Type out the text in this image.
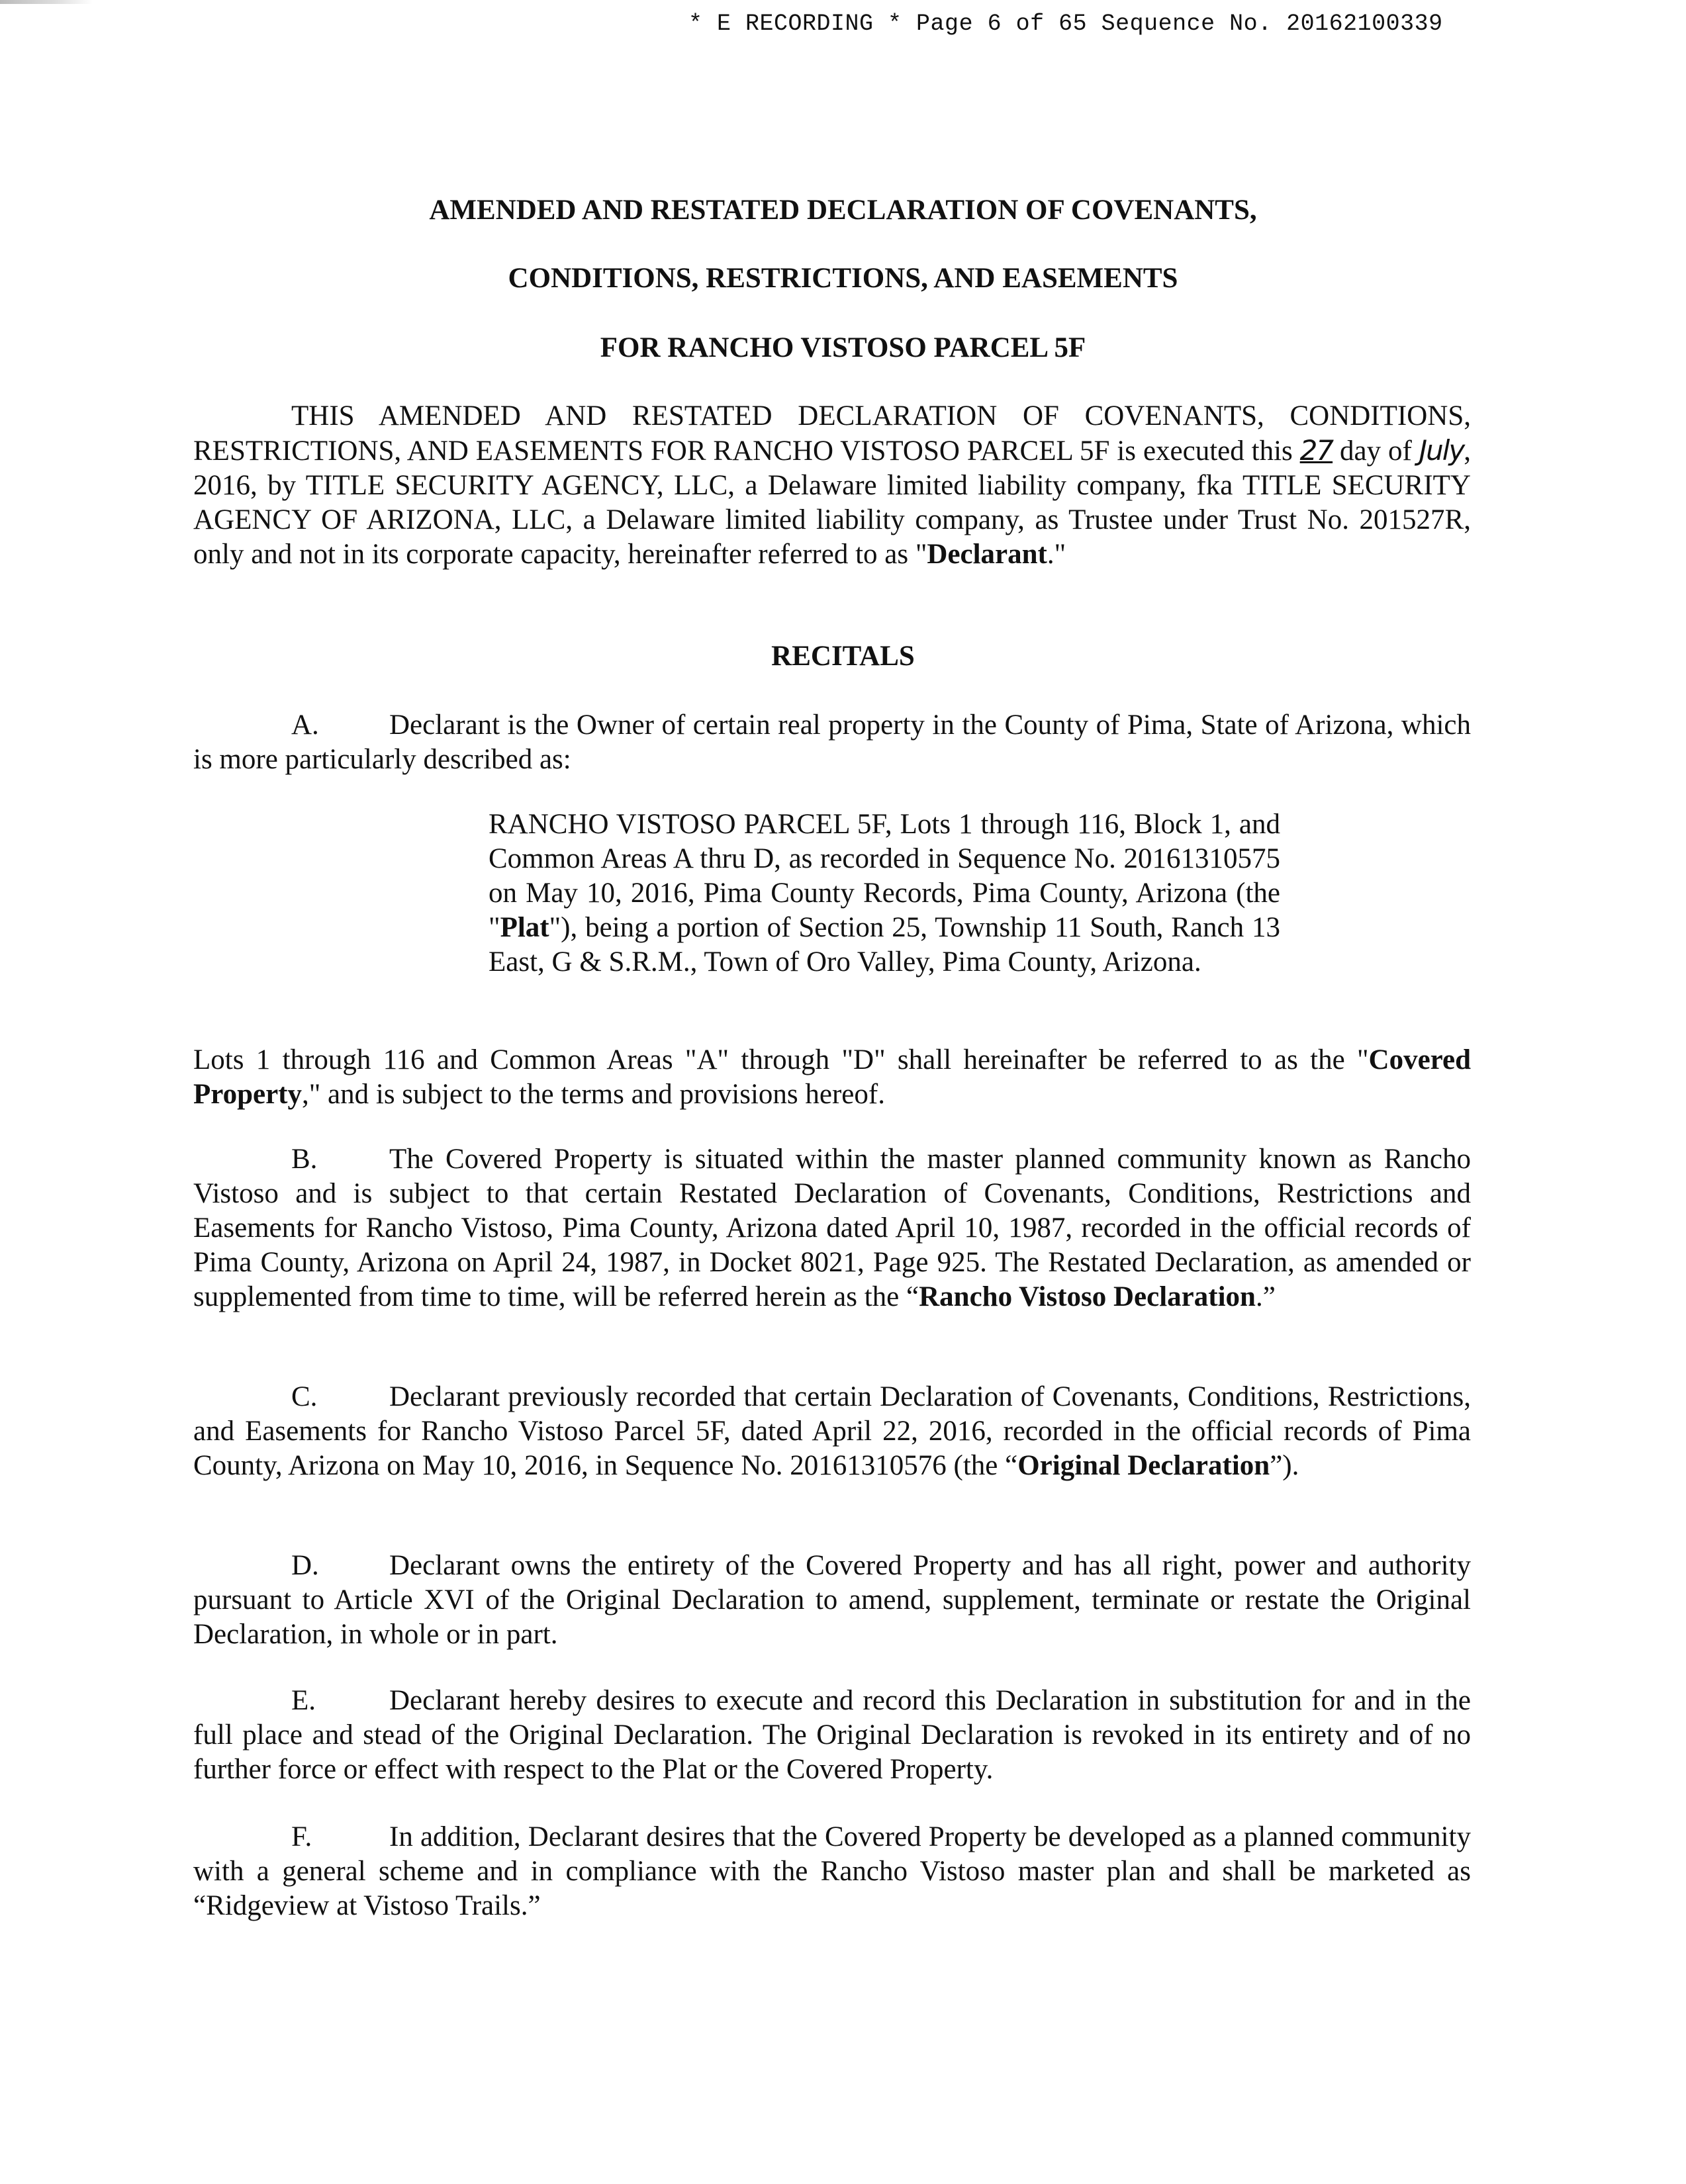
* E RECORDING * Page 6 of 65 Sequence No. 20162100339
AMENDED AND RESTATED DECLARATION OF COVENANTS,
CONDITIONS, RESTRICTIONS, AND EASEMENTS
FOR RANCHO VISTOSO PARCEL 5F
THIS AMENDED AND RESTATED DECLARATION OF COVENANTS, CONDITIONS, RESTRICTIONS, AND EASEMENTS FOR RANCHO VISTOSO PARCEL 5F is executed this 27 day of July, 2016, by TITLE SECURITY AGENCY, LLC, a Delaware limited liability company, fka TITLE SECURITY AGENCY OF ARIZONA, LLC, a Delaware limited liability company, as Trustee under Trust No. 201527R, only and not in its corporate capacity, hereinafter referred to as "Declarant."
RECITALS
A. Declarant is the Owner of certain real property in the County of Pima, State of Arizona, which is more particularly described as:
RANCHO VISTOSO PARCEL 5F, Lots 1 through 116, Block 1, and Common Areas A thru D, as recorded in Sequence No. 20161310575 on May 10, 2016, Pima County Records, Pima County, Arizona (the "Plat"), being a portion of Section 25, Township 11 South, Ranch 13 East, G & S.R.M., Town of Oro Valley, Pima County, Arizona.
Lots 1 through 116 and Common Areas "A" through "D" shall hereinafter be referred to as the "Covered Property," and is subject to the terms and provisions hereof.
B.	The Covered Property is situated within the master planned community known as Rancho Vistoso and is subject to that certain Restated Declaration of Covenants, Conditions, Restrictions and Easements for Rancho Vistoso, Pima County, Arizona dated April 10, 1987, recorded in the official records of Pima County, Arizona on April 24, 1987, in Docket 8021, Page 925. The Restated Declaration, as amended or supplemented from time to time, will be referred herein as the “Rancho Vistoso Declaration.”
C.	Declarant previously recorded that certain Declaration of Covenants, Conditions, Restrictions, and Easements for Rancho Vistoso Parcel 5F, dated April 22, 2016, recorded in the official records of Pima County, Arizona on May 10, 2016, in Sequence No. 20161310576 (the “Original Declaration”).
D. Declarant owns the entirety of the Covered Property and has all right, power and authority pursuant to Article XVI of the Original Declaration to amend, supplement, terminate or restate the Original Declaration, in whole or in part.
E.	Declarant hereby desires to execute and record this Declaration in substitution for and in the full place and stead of the Original Declaration. The Original Declaration is revoked in its entirety and of no further force or effect with respect to the Plat or the Covered Property.
F.	In addition, Declarant desires that the Covered Property be developed as a planned community with a general scheme and in compliance with the Rancho Vistoso master plan and shall be marketed as “Ridgeview at Vistoso Trails.”
